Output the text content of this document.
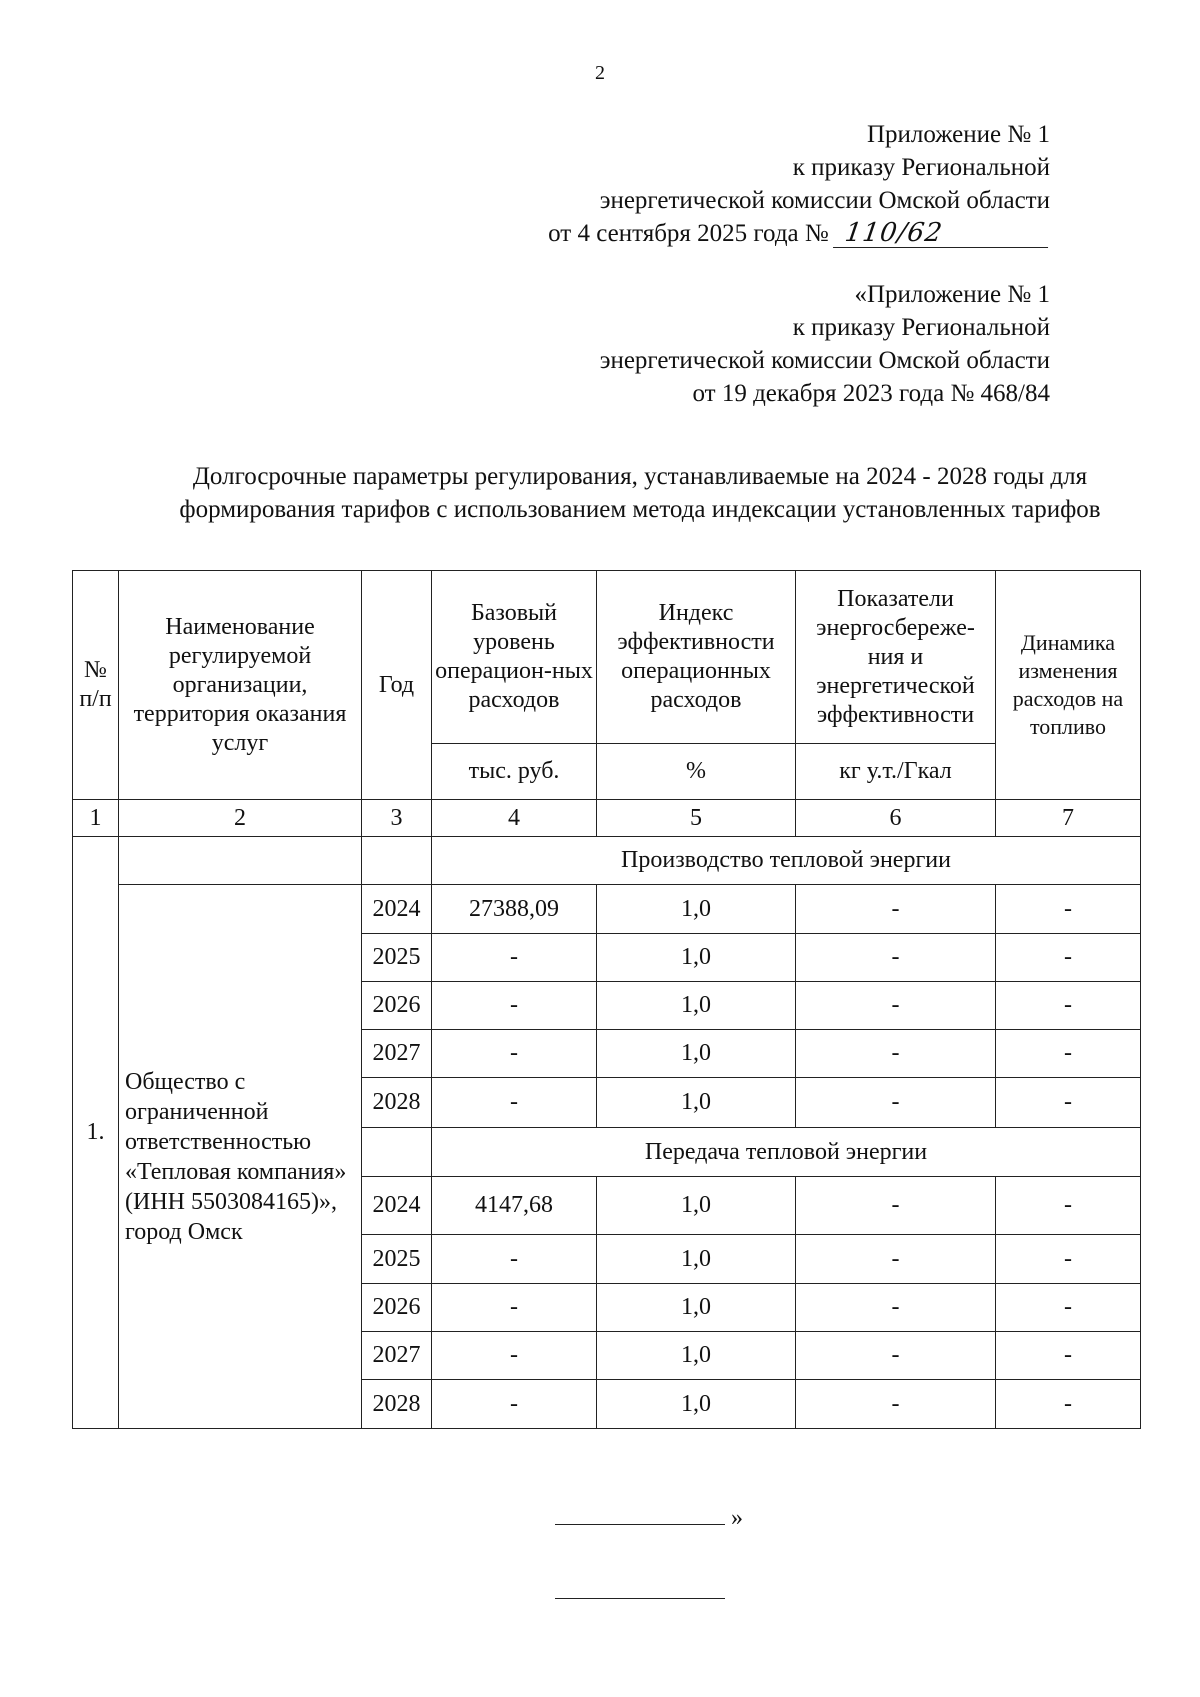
2
Приложение № 1
к приказу Региональной
энергетической комиссии Омской области
от 4 сентября 2025 года № 110/62
«Приложение № 1
к приказу Региональной
энергетической комиссии Омской области
от 19 декабря 2023 года № 468/84
Долгосрочные параметры регулирования, устанавливаемые на 2024 - 2028 годы для формирования тарифов с использованием метода индексации установленных тарифов
№ п/п	Наименование регулируемой организации, территория оказания услуг	Год	Базовый уровень операцион-ных расходов	Индекс эффективности операционных расходов	Показатели энергосбереже-ния и энергетической эффективности	Динамика изменения расходов на топливо
			тыс. руб.	%	кг у.т./Гкал	
1	2	3	4	5	6	7
1.			Производство тепловой энергии			
	Общество с ограниченной ответственностью «Тепловая компания» (ИНН 5503084165)», город Омск	2024	27388,09	1,0	-	-
		2025	-	1,0	-	-
		2026	-	1,0	-	-
		2027	-	1,0	-	-
		2028	-	1,0	-	-
			Передача тепловой энергии			
		2024	4147,68	1,0	-	-
		2025	-	1,0	-	-
		2026	-	1,0	-	-
		2027	-	1,0	-	-
		2028	-	1,0	-	-
»
